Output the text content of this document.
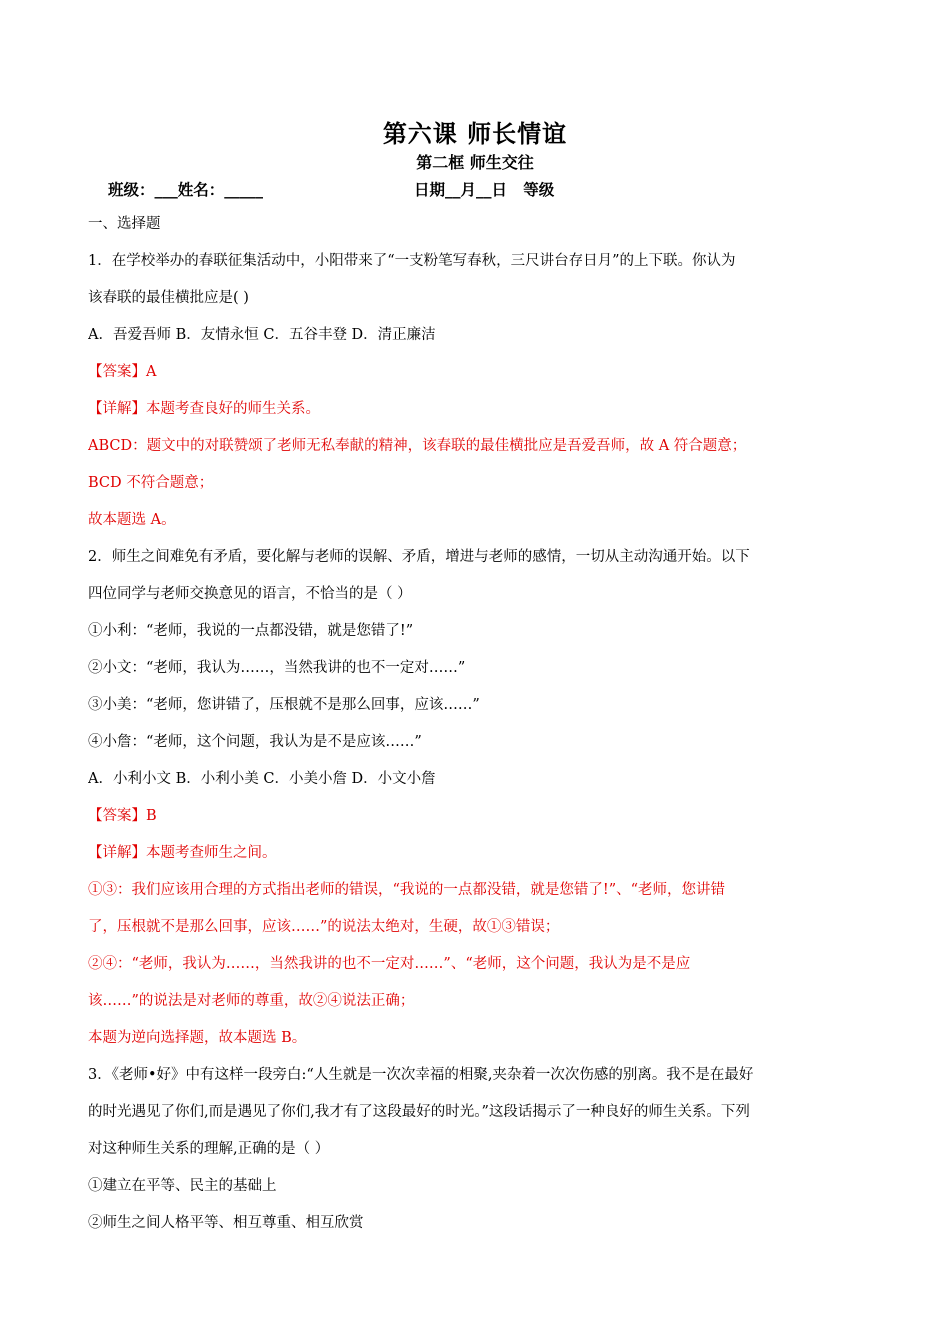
第六课 师长情谊
第二框 师生交往
班级：___姓名：_____	日期__月__日   等级
一、选择题
1．在学校举办的春联征集活动中，小阳带来了“一支粉笔写春秋，三尺讲台存日月”的上下联。你认为
该春联的最佳横批应是( )
A．吾爱吾师 B．友情永恒 C．五谷丰登 D．清正廉洁
【答案】A
【详解】本题考查良好的师生关系。
ABCD：题文中的对联赞颂了老师无私奉献的精神，该春联的最佳横批应是吾爱吾师，故 A 符合题意；
BCD 不符合题意；
故本题选 A。
2．师生之间难免有矛盾，要化解与老师的误解、矛盾，增进与老师的感情，一切从主动沟通开始。以下
四位同学与老师交换意见的语言，不恰当的是（ ）
①小利：“老师，我说的一点都没错，就是您错了!”
②小文：“老师，我认为……，当然我讲的也不一定对……”
③小美：“老师，您讲错了，压根就不是那么回事，应该……”
④小詹：“老师，这个问题，我认为是不是应该……”
A．小利小文 B．小利小美 C．小美小詹 D．小文小詹
【答案】B
【详解】本题考查师生之间。
①③：我们应该用合理的方式指出老师的错误，“我说的一点都没错，就是您错了!”、“老师，您讲错
了，压根就不是那么回事，应该……”的说法太绝对，生硬，故①③错误；
②④：“老师，我认为……，当然我讲的也不一定对……”、“老师，这个问题，我认为是不是应
该……”的说法是对老师的尊重，故②④说法正确；
本题为逆向选择题，故本题选 B。
3．《老师•好》中有这样一段旁白:“人生就是一次次幸福的相聚,夹杂着一次次伤感的别离。我不是在最好
的时光遇见了你们,而是遇见了你们,我才有了这段最好的时光。”这段话揭示了一种良好的师生关系。下列
对这种师生关系的理解,正确的是（ ）
①建立在平等、民主的基础上
②师生之间人格平等、相互尊重、相互欣赏
